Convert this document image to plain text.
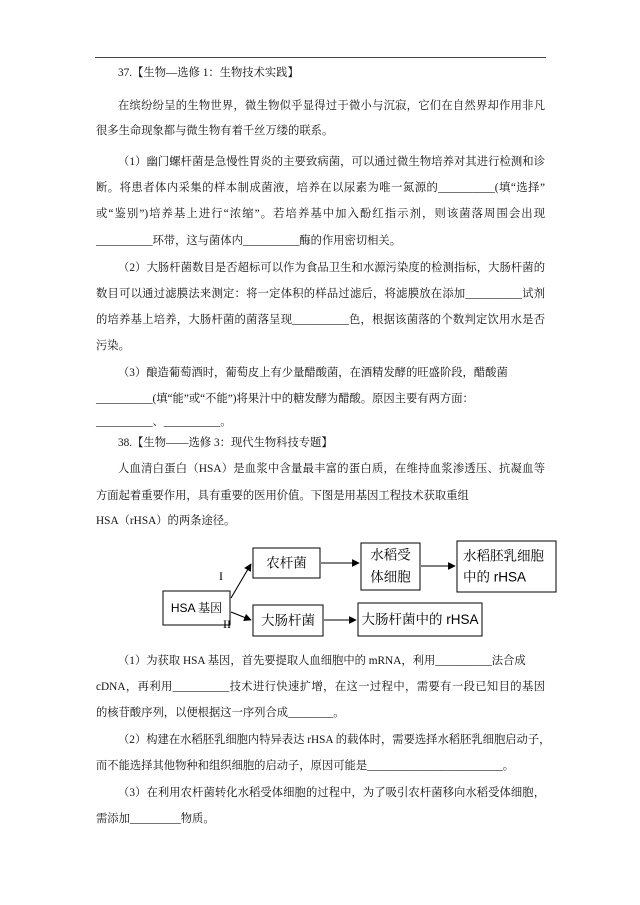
37.【生物—选修 1：生物技术实践】
在缤纷纷呈的生物世界，微生物似乎显得过于微小与沉寂，它们在自然界却作用非凡
很多生命现象都与微生物有着千丝万缕的联系。
（1）幽门螺杆菌是急慢性胃炎的主要致病菌，可以通过微生物培养对其进行检测和诊
断。将患者体内采集的样本制成菌液，培养在以尿素为唯一氮源的__________(填“选择”
或“鉴别”)培养基上进行“浓缩”。若培养基中加入酚红指示剂，则该菌落周围会出现
__________环带，这与菌体内__________酶的作用密切相关。
（2）大肠杆菌数目是否超标可以作为食品卫生和水源污染度的检测指标，大肠杆菌的
数目可以通过滤膜法来测定：将一定体积的样品过滤后，将滤膜放在添加__________试剂
的培养基上培养，大肠杆菌的菌落呈现__________色，根据该菌落的个数判定饮用水是否
污染。
（3）酿造葡萄酒时，葡萄皮上有少量醋酸菌，在酒精发酵的旺盛阶段，醋酸菌
__________(填“能”或“不能”)将果汁中的糖发酵为醋酸。原因主要有两方面：
__________、__________。
38.【生物——选修 3：现代生物科技专题】
人血清白蛋白（HSA）是血浆中含量最丰富的蛋白质，在维持血浆渗透压、抗凝血等
方面起着重要作用，具有重要的医用价值。下图是用基因工程技术获取重组
HSA（rHSA）的两条途径。
HSA 基因
农杆菌
水稻受
体细胞
水稻胚乳细胞
中的 rHSA
大肠杆菌	大肠杆菌中的 rHSA
I
II
（1）为获取 HSA 基因，首先要提取人血细胞中的 mRNA，利用__________法合成
cDNA，再利用__________技术进行快速扩增，在这一过程中，需要有一段已知目的基因
的核苷酸序列，以便根据这一序列合成________。
（2）构建在水稻胚乳细胞内特异表达 rHSA 的载体时，需要选择水稻胚乳细胞启动子，
而不能选择其他物种和组织细胞的启动子，原因可能是________________________。
（3）在利用农杆菌转化水稻受体细胞的过程中，为了吸引农杆菌移向水稻受体细胞，
需添加_________物质。
